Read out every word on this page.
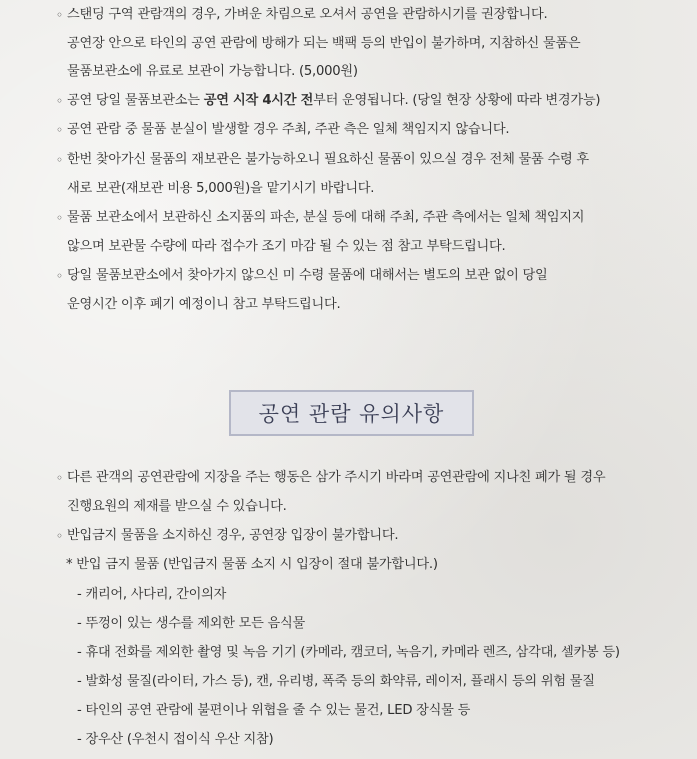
◦ 스탠딩 구역 관람객의 경우, 가벼운 차림으로 오셔서 공연을 관람하시기를 권장합니다.
공연장 안으로 타인의 공연 관람에 방해가 되는 백팩 등의 반입이 불가하며, 지참하신 물품은
물품보관소에 유료로 보관이 가능합니다. (5,000원)
◦ 공연 당일 물품보관소는 공연 시작 4시간 전부터 운영됩니다. (당일 현장 상황에 따라 변경가능)
◦ 공연 관람 중 물품 분실이 발생할 경우 주최, 주관 측은 일체 책임지지 않습니다.
◦ 한번 찾아가신 물품의 재보관은 불가능하오니 필요하신 물품이 있으실 경우 전체 물품 수령 후
새로 보관(재보관 비용 5,000원)을 맡기시기 바랍니다.
◦ 물품 보관소에서 보관하신 소지품의 파손, 분실 등에 대해 주최, 주관 측에서는 일체 책임지지
않으며 보관물 수량에 따라 접수가 조기 마감 될 수 있는 점 참고 부탁드립니다.
◦ 당일 물품보관소에서 찾아가지 않으신 미 수령 물품에 대해서는 별도의 보관 없이 당일
운영시간 이후 폐기 예정이니 참고 부탁드립니다.
공연 관람 유의사항
◦ 다른 관객의 공연관람에 지장을 주는 행동은 삼가 주시기 바라며 공연관람에 지나친 폐가 될 경우
진행요원의 제재를 받으실 수 있습니다.
◦ 반입금지 물품을 소지하신 경우, 공연장 입장이 불가합니다.
* 반입 금지 물품 (반입금지 물품 소지 시 입장이 절대 불가합니다.)
- 캐리어, 사다리, 간이의자
- 뚜껑이 있는 생수를 제외한 모든 음식물
- 휴대 전화를 제외한 촬영 및 녹음 기기 (카메라, 캠코더, 녹음기, 카메라 렌즈, 삼각대, 셀카봉 등)
- 발화성 물질(라이터, 가스 등), 캔, 유리병, 폭죽 등의 화약류, 레이저, 플래시 등의 위험 물질
- 타인의 공연 관람에 불편이나 위협을 줄 수 있는 물건, LED 장식물 등
- 장우산 (우천시 접이식 우산 지참)
